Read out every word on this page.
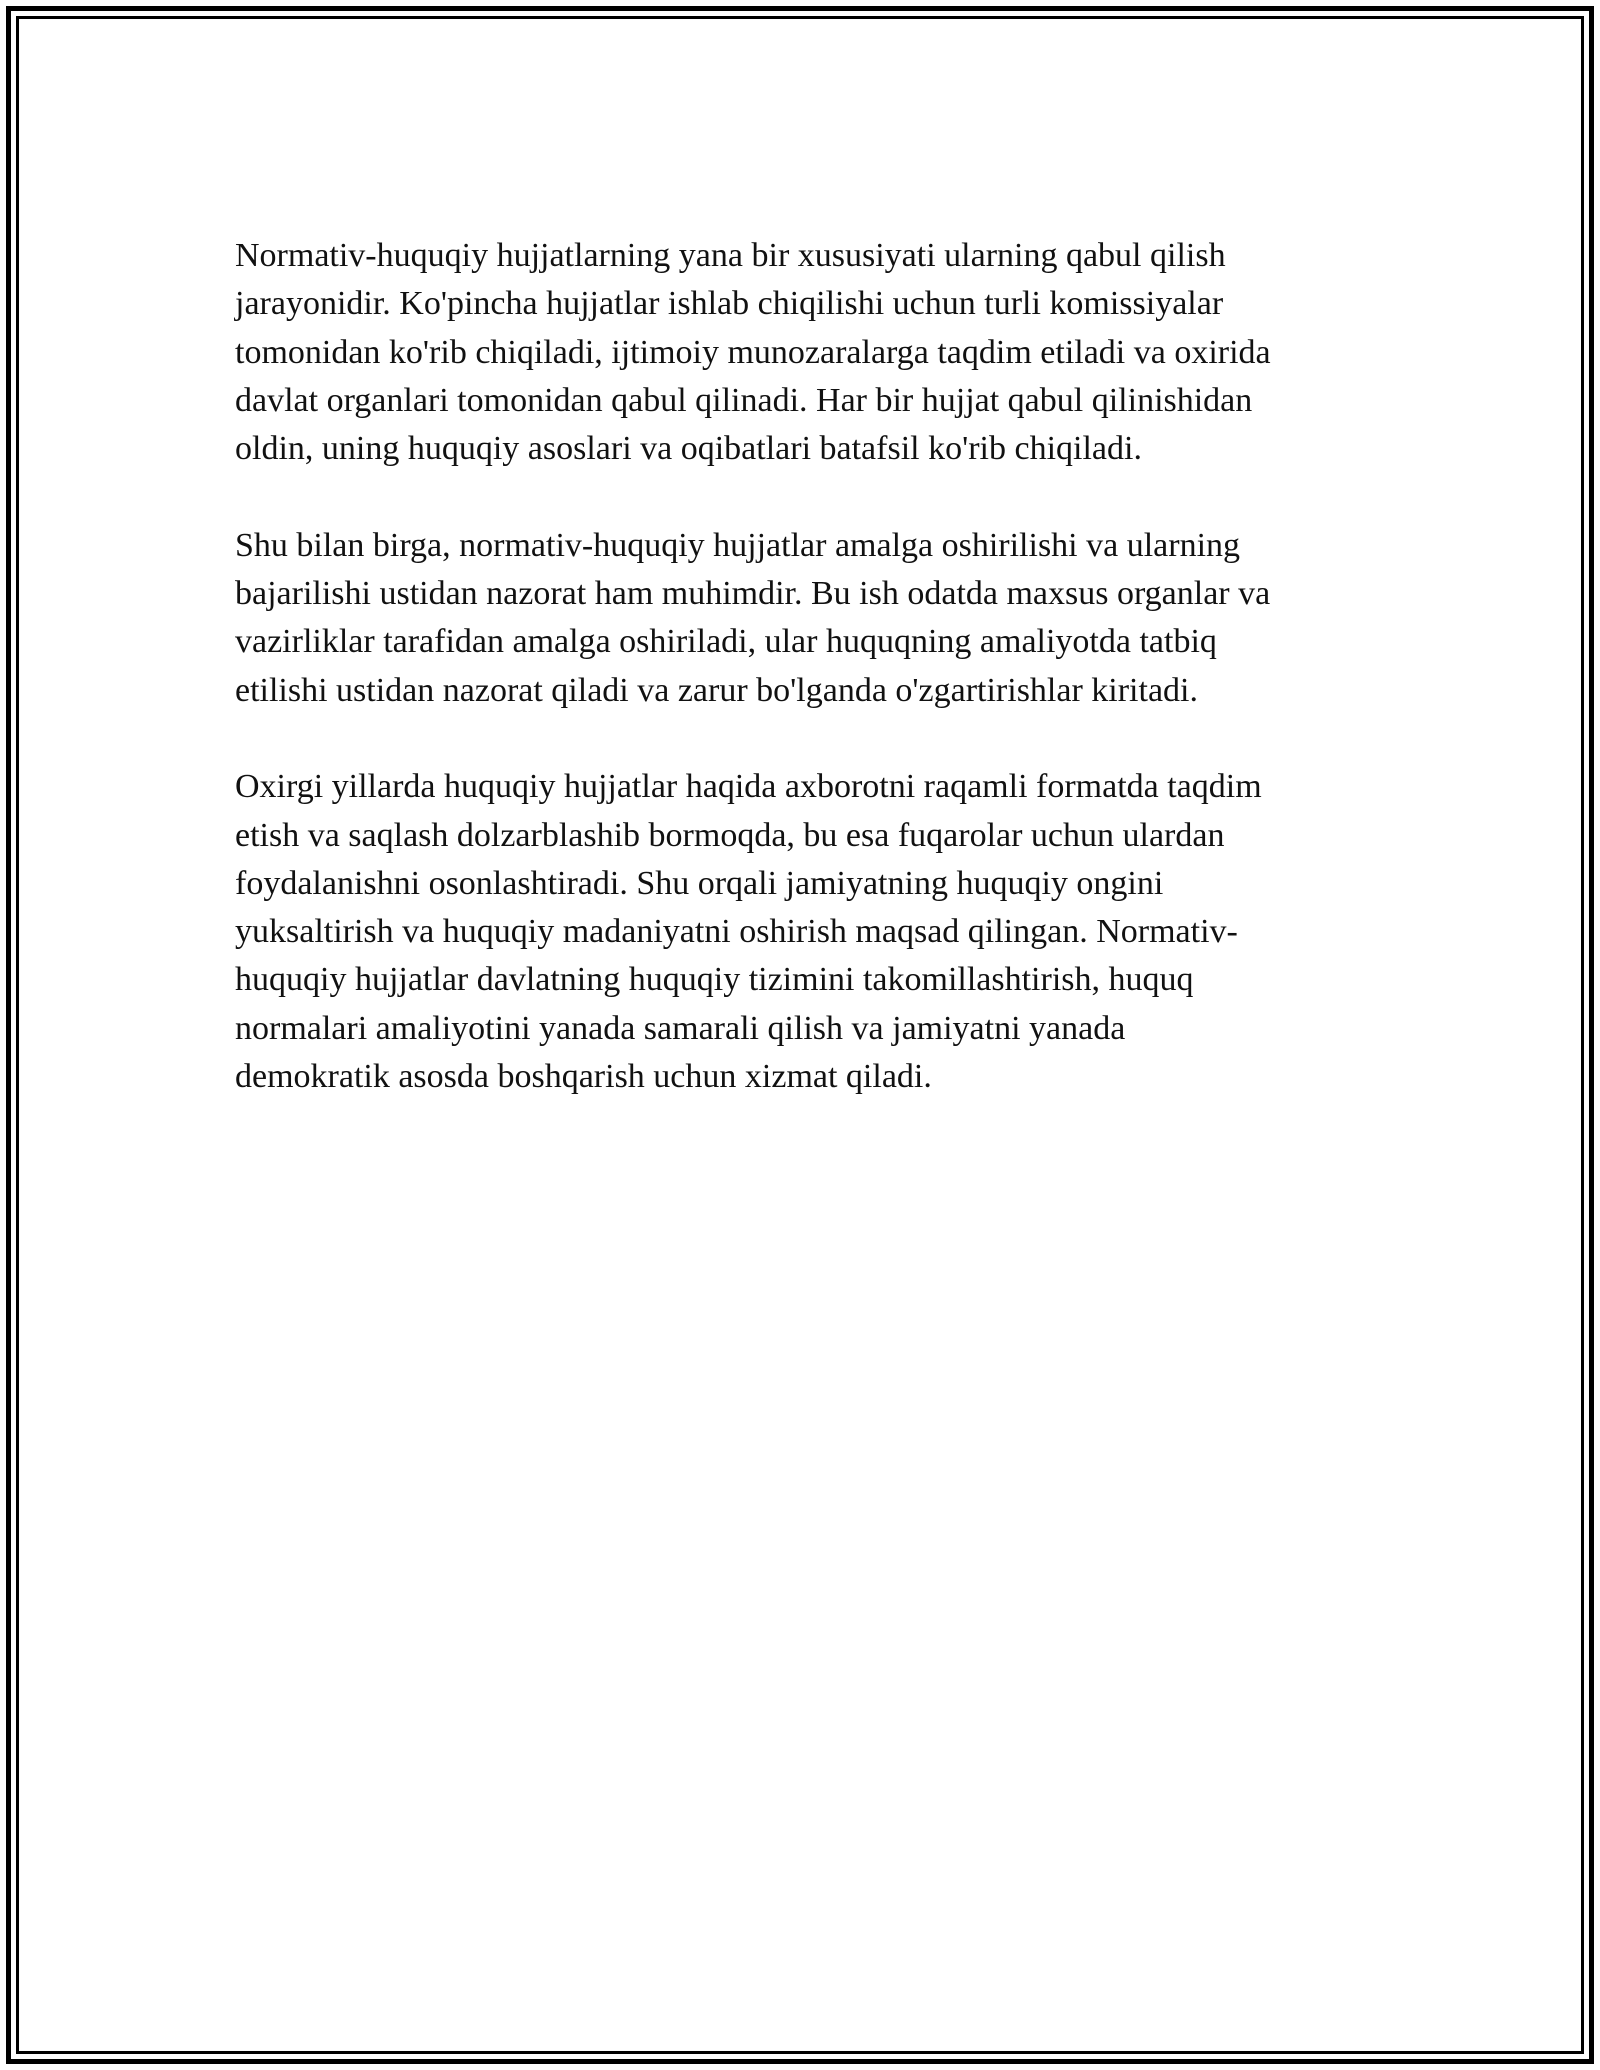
Normativ-huquqiy hujjatlarning yana bir xususiyati ularning qabul qilish
jarayonidir. Ko'pincha hujjatlar ishlab chiqilishi uchun turli komissiyalar
tomonidan ko'rib chiqiladi, ijtimoiy munozaralarga taqdim etiladi va oxirida
davlat organlari tomonidan qabul qilinadi. Har bir hujjat qabul qilinishidan
oldin, uning huquqiy asoslari va oqibatlari batafsil ko'rib chiqiladi.

Shu bilan birga, normativ-huquqiy hujjatlar amalga oshirilishi va ularning
bajarilishi ustidan nazorat ham muhimdir. Bu ish odatda maxsus organlar va
vazirliklar tarafidan amalga oshiriladi, ular huquqning amaliyotda tatbiq
etilishi ustidan nazorat qiladi va zarur bo'lganda o'zgartirishlar kiritadi.

Oxirgi yillarda huquqiy hujjatlar haqida axborotni raqamli formatda taqdim
etish va saqlash dolzarblashib bormoqda, bu esa fuqarolar uchun ulardan
foydalanishni osonlashtiradi. Shu orqali jamiyatning huquqiy ongini
yuksaltirish va huquqiy madaniyatni oshirish maqsad qilingan. Normativ-
huquqiy hujjatlar davlatning huquqiy tizimini takomillashtirish, huquq
normalari amaliyotini yanada samarali qilish va jamiyatni yanada
demokratik asosda boshqarish uchun xizmat qiladi.
